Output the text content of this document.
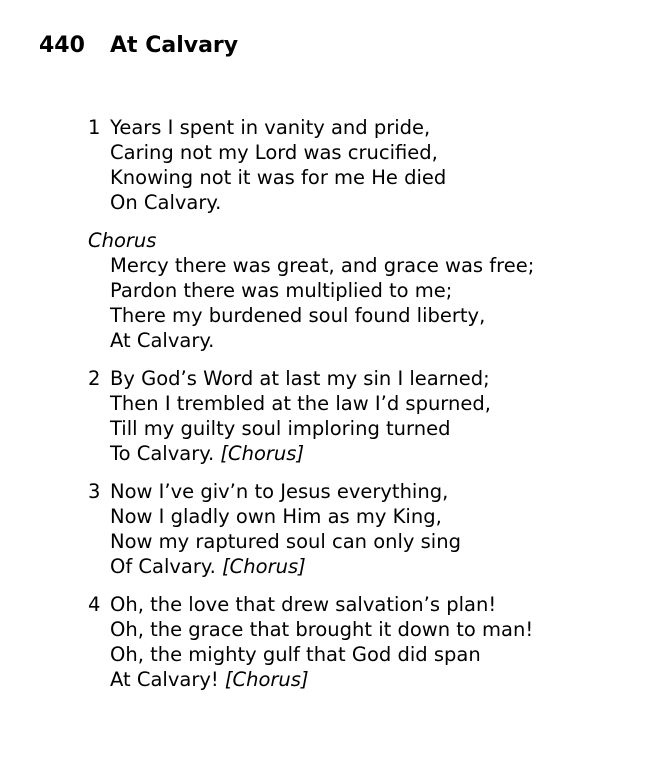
440 At Calvary
1 Years I spent in vanity and pride,
Caring not my Lord was crucified,
Knowing not it was for me He died
On Calvary.
Chorus
Mercy there was great, and grace was free;
Pardon there was multiplied to me;
There my burdened soul found liberty,
At Calvary.
2 By God’s Word at last my sin I learned;
Then I trembled at the law I’d spurned,
Till my guilty soul imploring turned
To Calvary. [Chorus]
3 Now I’ve giv’n to Jesus everything,
Now I gladly own Him as my King,
Now my raptured soul can only sing
Of Calvary. [Chorus]
4 Oh, the love that drew salvation’s plan!
Oh, the grace that brought it down to man!
Oh, the mighty gulf that God did span
At Calvary! [Chorus]
